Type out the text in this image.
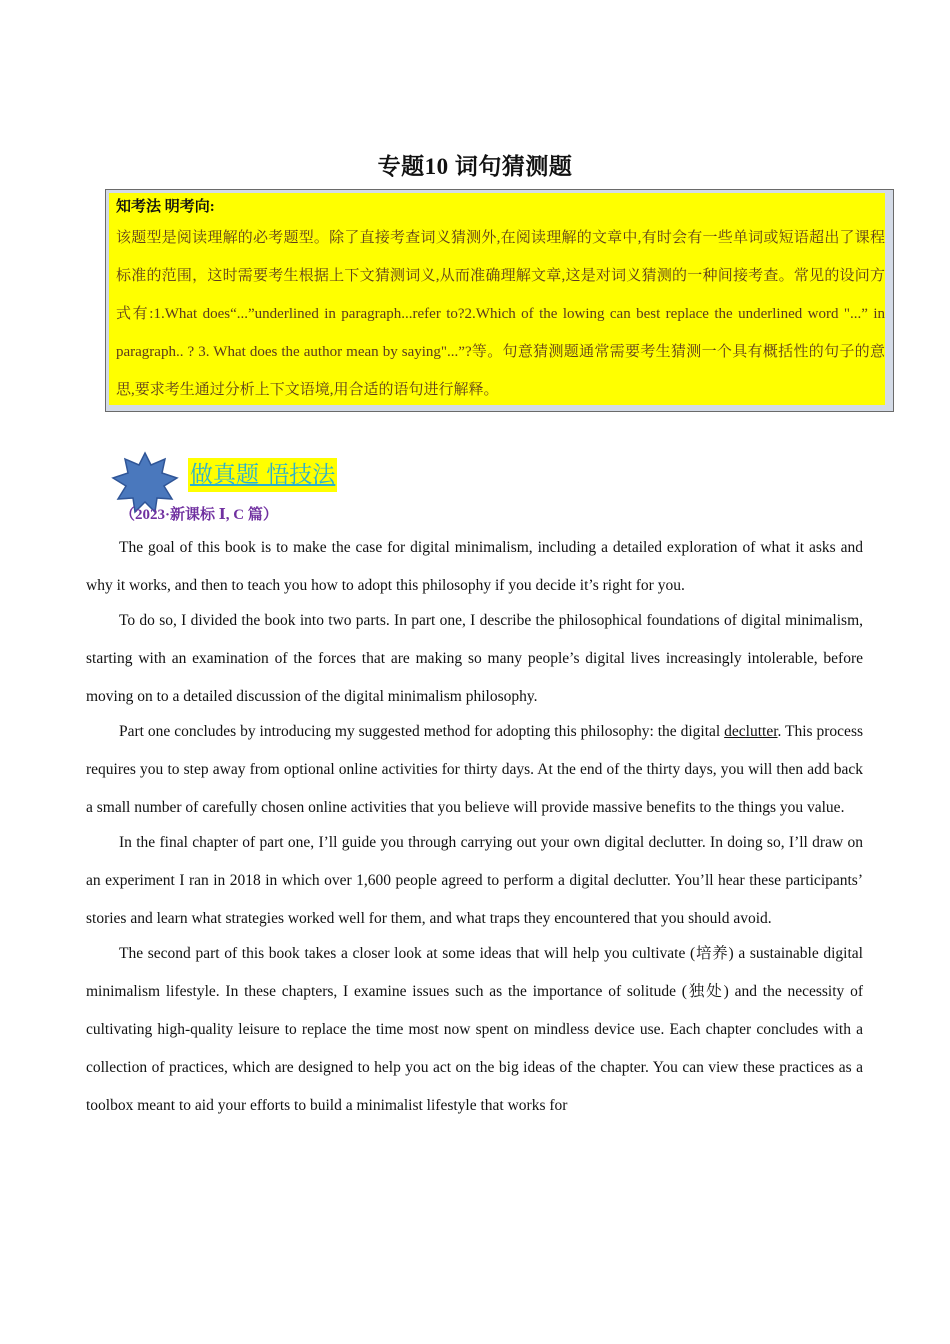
专题10 词句猜测题
知考法 明考向:
该题型是阅读理解的必考题型。除了直接考查词义猜测外,在阅读理解的文章中,有时会有一些单词或短语超出了课程标准的范围，这时需要考生根据上下文猜测词义,从而准确理解文章,这是对词义猜测的一种间接考查。常见的设问方式有:1.What does“...”underlined in paragraph...refer to?2.Which of the lowing can best replace the underlined word "...” in paragraph.. ? 3. What does the author mean by saying"...”?等。句意猜测题通常需要考生猜测一个具有概括性的句子的意思,要求考生通过分析上下文语境,用合适的语句进行解释。
做真题 悟技法
（2023·新课标 Ⅰ, C 篇）

The goal of this book is to make the case for digital minimalism, including a detailed exploration of what it asks and why it works, and then to teach you how to adopt this philosophy if you decide it’s right for you.

To do so, I divided the book into two parts. In part one, I describe the philosophical foundations of digital minimalism, starting with an examination of the forces that are making so many people’s digital lives increasingly intolerable, before moving on to a detailed discussion of the digital minimalism philosophy.

Part one concludes by introducing my suggested method for adopting this philosophy: the digital declutter. This process requires you to step away from optional online activities for thirty days. At the end of the thirty days, you will then add back a small number of carefully chosen online activities that you believe will provide massive benefits to the things you value.

In the final chapter of part one, I’ll guide you through carrying out your own digital declutter. In doing so, I’ll draw on an experiment I ran in 2018 in which over 1,600 people agreed to perform a digital declutter. You’ll hear these participants’ stories and learn what strategies worked well for them, and what traps they encountered that you should avoid.

The second part of this book takes a closer look at some ideas that will help you cultivate (培养) a sustainable digital minimalism lifestyle. In these chapters, I examine issues such as the importance of solitude (独处) and the necessity of cultivating high-quality leisure to replace the time most now spent on mindless device use. Each chapter concludes with a collection of practices, which are designed to help you act on the big ideas of the chapter. You can view these practices as a toolbox meant to aid your efforts to build a minimalist lifestyle that works for
